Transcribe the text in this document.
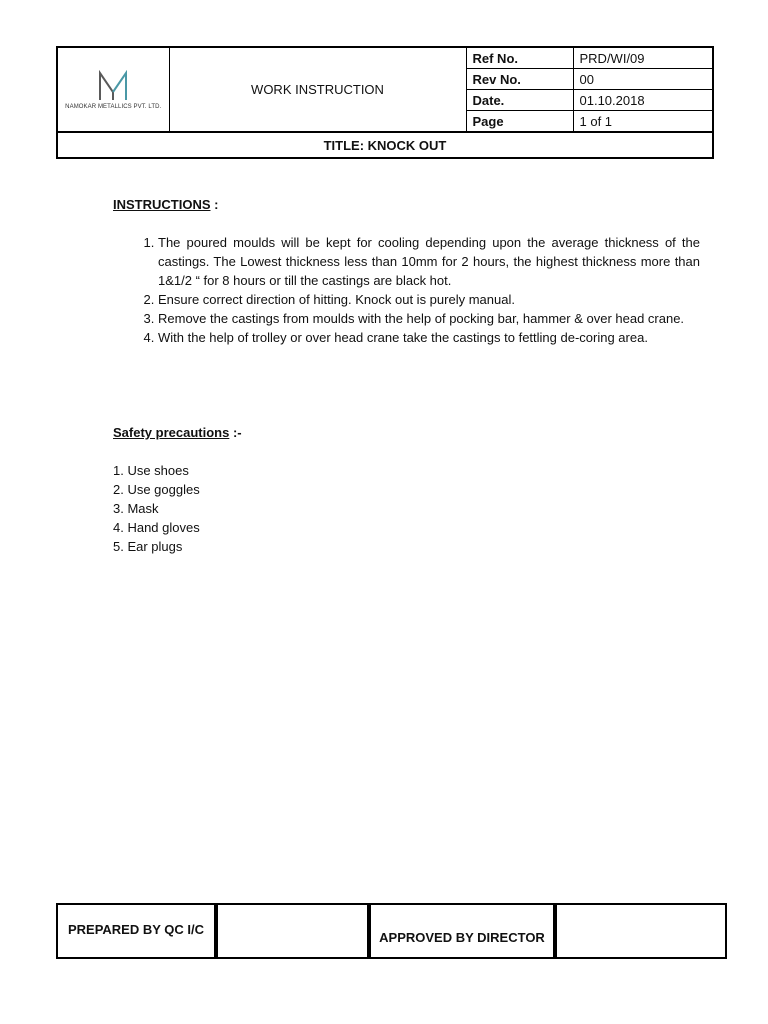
NAMOKAR METALLICS PVT. LTD.	WORK INSTRUCTION	Ref No.	PRD/WI/09
		Rev No.	00
		Date.	01.10.2018
		Page	1 of 1
TITLE: KNOCK OUT			
INSTRUCTIONS :
1. The poured moulds will be kept for cooling depending upon the average thickness of the castings. The Lowest thickness less than 10mm for 2 hours, the highest thickness more than 1&1/2 “ for 8 hours or till the castings are black hot.
2. Ensure correct direction of hitting. Knock out is purely manual.
3. Remove the castings from moulds with the help of pocking bar, hammer & over head crane.
4. With the help of trolley or over head crane take the castings to fettling de-coring area.
Safety precautions :-
1. Use shoes
2. Use goggles
3. Mask
4. Hand gloves
5. Ear plugs
PREPARED BY QC I/C		APPROVED BY DIRECTOR	
